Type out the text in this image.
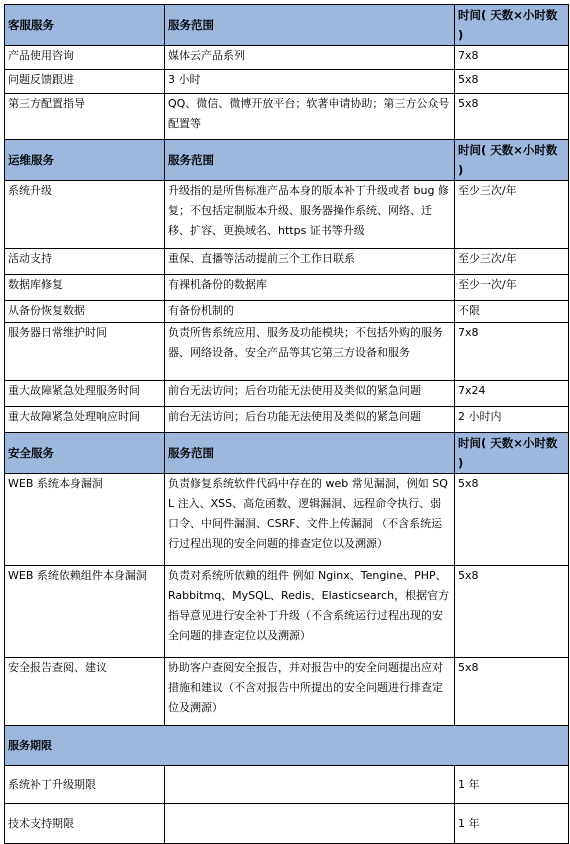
客服服务	服务范围	时间( 天数×小时数 )
产品使用咨询	媒体云产品系列	7x8
问题反馈跟进	3 小时	5x8
第三方配置指导	QQ、微信、微博开放平台；软著申请协助；第三方公众号配置等	5x8
运维服务	服务范围	时间( 天数×小时数 )
系统升级	升级指的是所售标准产品本身的版本补丁升级或者 bug 修复；不包括定制版本升级、服务器操作系统、网络、迁移、扩容、更换域名、https 证书等升级	至少三次/年
活动支持	重保、直播等活动提前三个工作日联系	至少三次/年
数据库修复	有裸机备份的数据库	至少一次/年
从备份恢复数据	有备份机制的	不限
服务器日常维护时间	负责所售系统应用、服务及功能模块；不包括外购的服务器、网络设备、安全产品等其它第三方设备和服务	7x8
重大故障紧急处理服务时间	前台无法访问；后台功能无法使用及类似的紧急问题	7x24
重大故障紧急处理响应时间	前台无法访问；后台功能无法使用及类似的紧急问题	2 小时内
安全服务	服务范围	时间( 天数×小时数 )
WEB 系统本身漏洞	负责修复系统软件代码中存在的 web 常见漏洞，例如 SQL 注入、XSS、高危函数、逻辑漏洞、远程命令执行、弱口令、中间件漏洞、CSRF、文件上传漏洞 （不含系统运行过程出现的安全问题的排查定位以及溯源）	5x8
WEB 系统依赖组件本身漏洞	负责对系统所依赖的组件 例如 Nginx、Tengine、PHP、Rabbitmq、MySQL、Redis、Elasticsearch，根据官方指导意见进行安全补丁升级（不含系统运行过程出现的安全问题的排查定位以及溯源）	5x8
安全报告查阅、建议	协助客户查阅安全报告，并对报告中的安全问题提出应对措施和建议（不含对报告中所提出的安全问题进行排查定位及溯源）	5x8
服务期限		
系统补丁升级期限		1 年
技术支持期限		1 年
